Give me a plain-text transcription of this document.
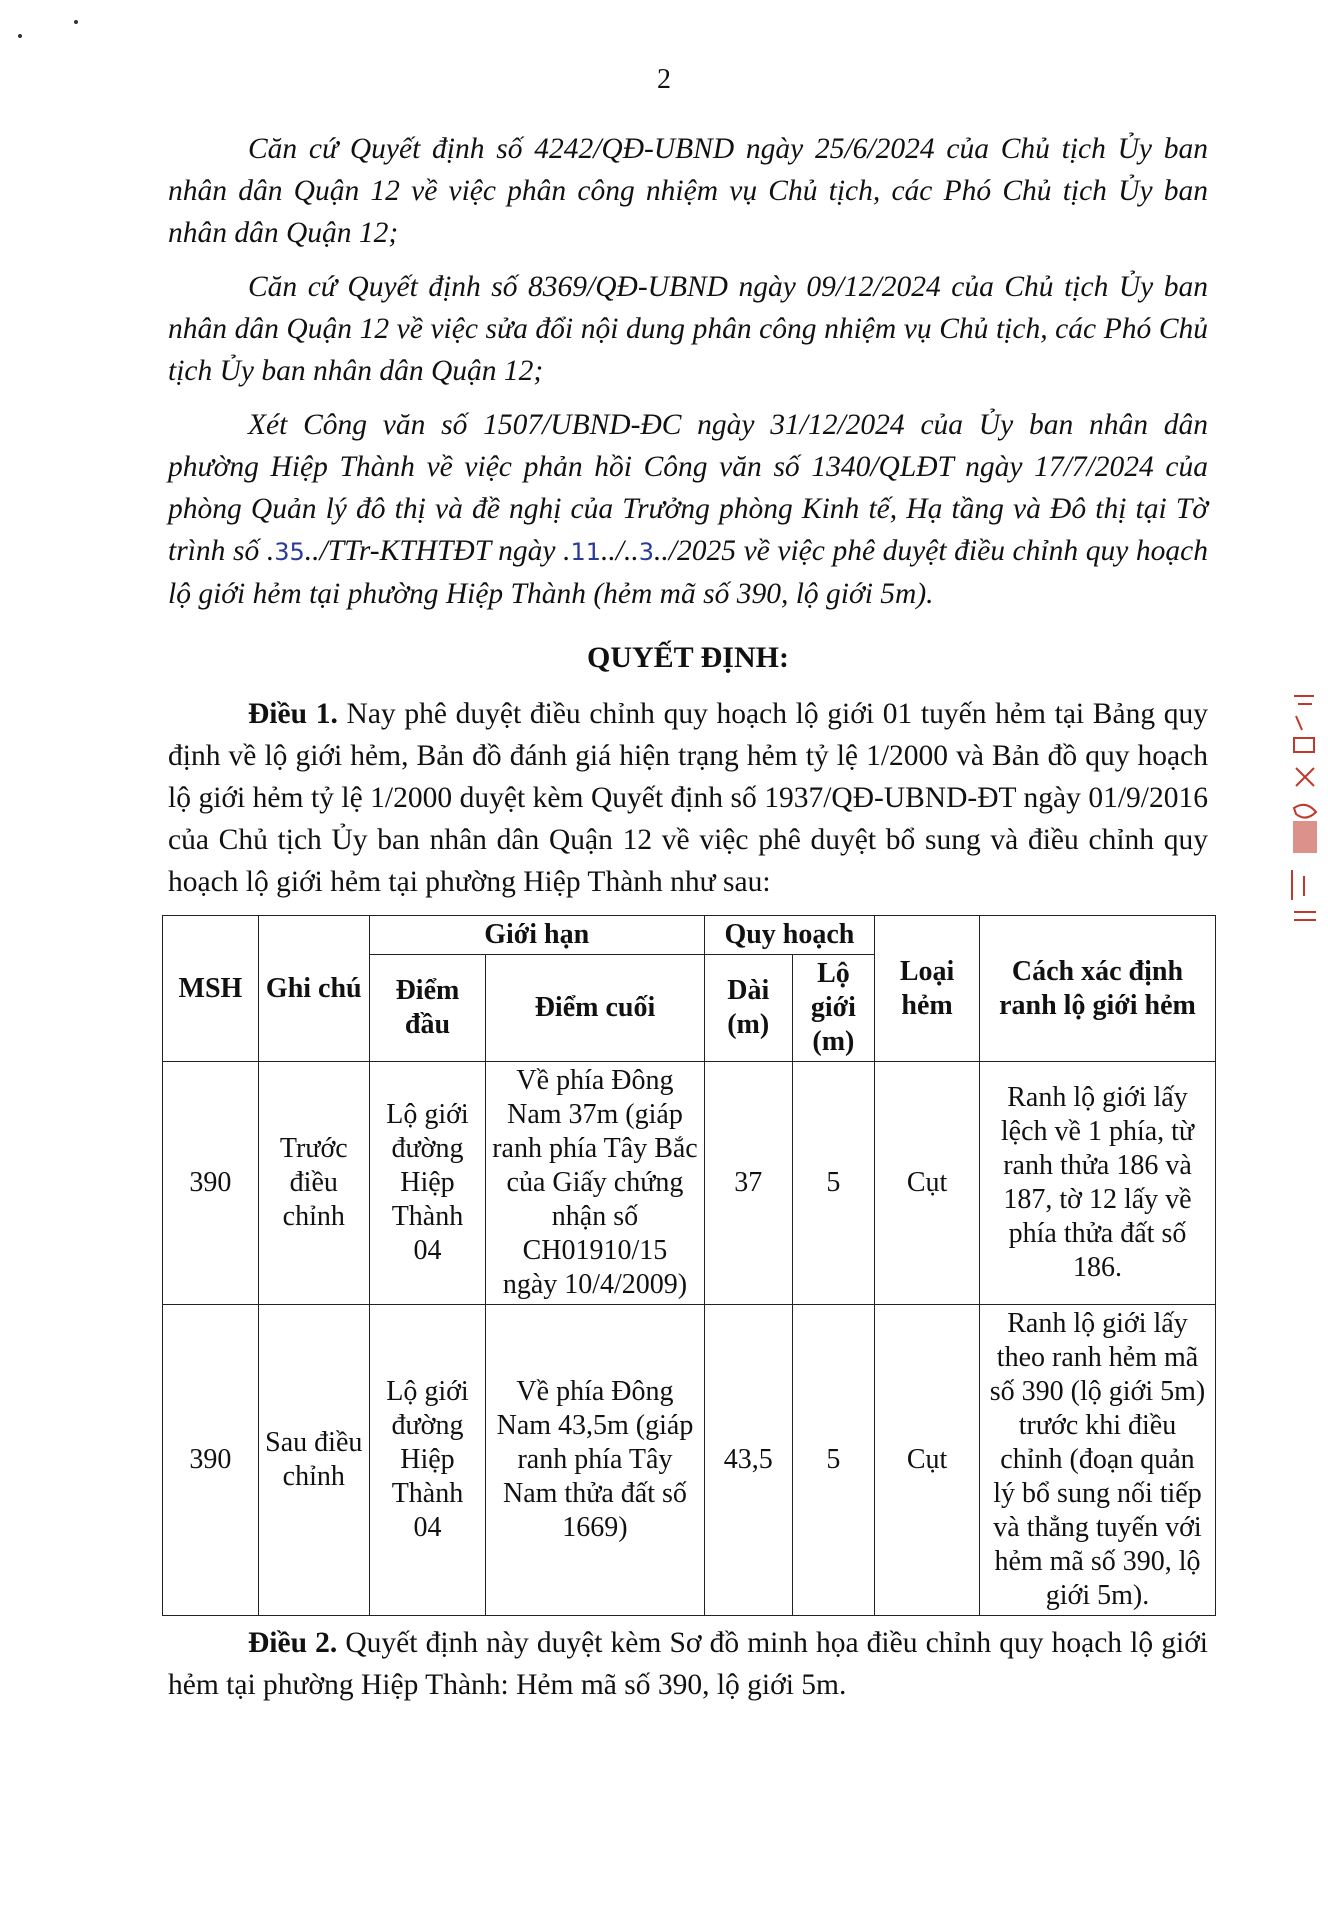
2

Căn cứ Quyết định số 4242/QĐ-UBND ngày 25/6/2024 của Chủ tịch Ủy ban nhân dân Quận 12 về việc phân công nhiệm vụ Chủ tịch, các Phó Chủ tịch Ủy ban nhân dân Quận 12;

Căn cứ Quyết định số 8369/QĐ-UBND ngày 09/12/2024 của Chủ tịch Ủy ban nhân dân Quận 12 về việc sửa đổi nội dung phân công nhiệm vụ Chủ tịch, các Phó Chủ tịch Ủy ban nhân dân Quận 12;

Xét Công văn số 1507/UBND-ĐC ngày 31/12/2024 của Ủy ban nhân dân phường Hiệp Thành về việc phản hồi Công văn số 1340/QLĐT ngày 17/7/2024 của phòng Quản lý đô thị và đề nghị của Trưởng phòng Kinh tế, Hạ tầng và Đô thị tại Tờ trình số .35../TTr-KTHTĐT ngày .11../..3../2025 về việc phê duyệt điều chỉnh quy hoạch lộ giới hẻm tại phường Hiệp Thành (hẻm mã số 390, lộ giới 5m).

QUYẾT ĐỊNH:

Điều 1. Nay phê duyệt điều chỉnh quy hoạch lộ giới 01 tuyến hẻm tại Bảng quy định về lộ giới hẻm, Bản đồ đánh giá hiện trạng hẻm tỷ lệ 1/2000 và Bản đồ quy hoạch lộ giới hẻm tỷ lệ 1/2000 duyệt kèm Quyết định số 1937/QĐ-UBND-ĐT ngày 01/9/2016 của Chủ tịch Ủy ban nhân dân Quận 12 về việc phê duyệt bổ sung và điều chỉnh quy hoạch lộ giới hẻm tại phường Hiệp Thành như sau:

MSH	Ghi chú	Giới hạn		Quy hoạch		Loại hẻm	Cách xác định ranh lộ giới hẻm
		Điểm đầu	Điểm cuối	Dài (m)	Lộ giới (m)		
390	Trước điều chỉnh	Lộ giới đường Hiệp Thành 04	Về phía Đông Nam 37m (giáp ranh phía Tây Bắc của Giấy chứng nhận số CH01910/15 ngày 10/4/2009)	37	5	Cụt	Ranh lộ giới lấy lệch về 1 phía, từ ranh thửa 186 và 187, tờ 12 lấy về phía thửa đất số 186.
390	Sau điều chỉnh	Lộ giới đường Hiệp Thành 04	Về phía Đông Nam 43,5m (giáp ranh phía Tây Nam thửa đất số 1669)	43,5	5	Cụt	Ranh lộ giới lấy theo ranh hẻm mã số 390 (lộ giới 5m) trước khi điều chỉnh (đoạn quản lý bổ sung nối tiếp và thẳng tuyến với hẻm mã số 390, lộ giới 5m).

Điều 2. Quyết định này duyệt kèm Sơ đồ minh họa điều chỉnh quy hoạch lộ giới hẻm tại phường Hiệp Thành: Hẻm mã số 390, lộ giới 5m.
